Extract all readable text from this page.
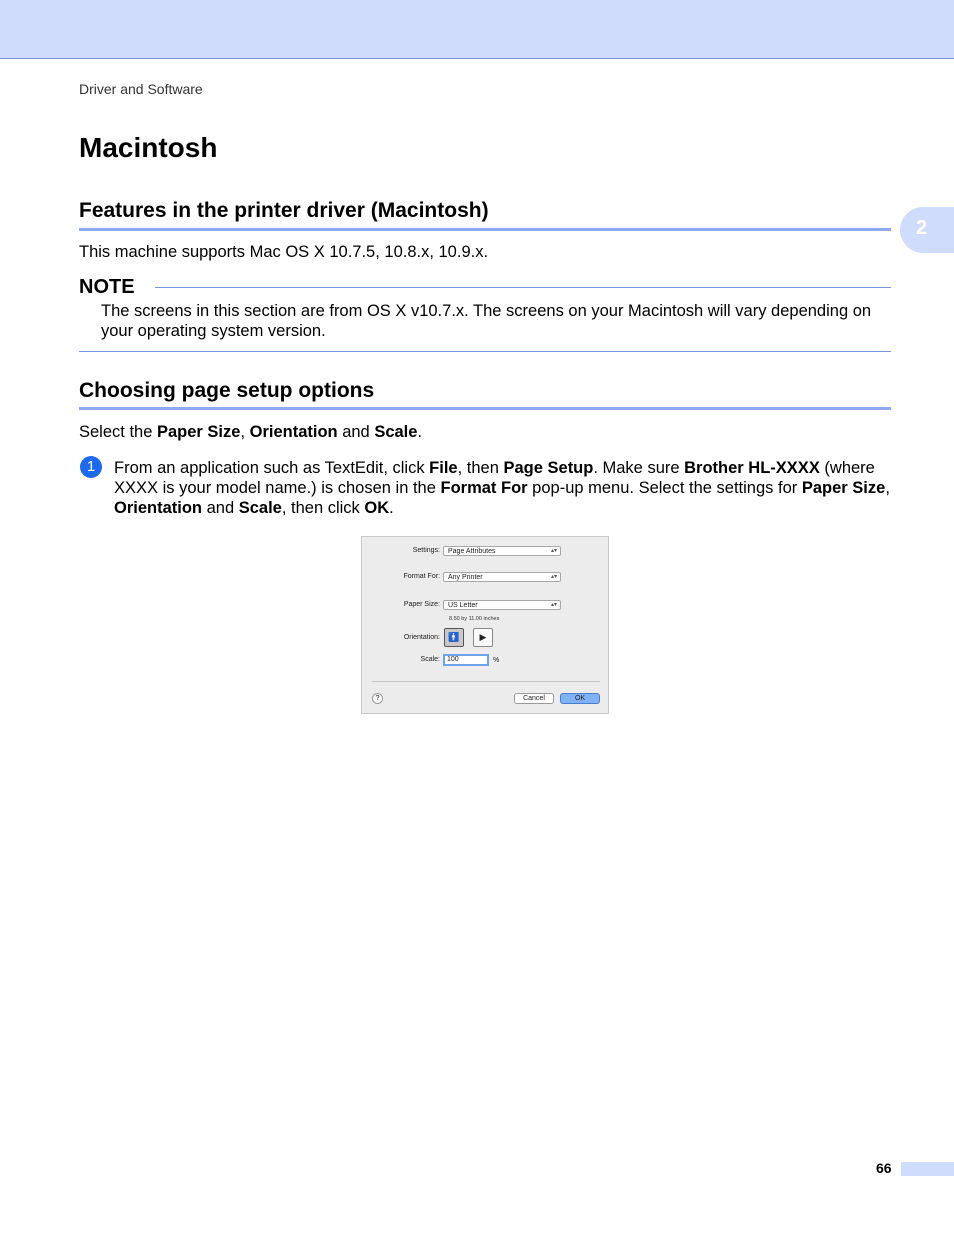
Driver and Software
2
Macintosh
Features in the printer driver (Macintosh)
This machine supports Mac OS X 10.7.5, 10.8.x, 10.9.x.
NOTE
The screens in this section are from OS X v10.7.x. The screens on your Macintosh will vary depending on your operating system version.
Choosing page setup options
Select the Paper Size, Orientation and Scale.
1	From an application such as TextEdit, click File, then Page Setup. Make sure Brother HL-XXXX (where XXXX is your model name.) is chosen in the Format For pop-up menu. Select the settings for Paper Size, Orientation and Scale, then click OK.
Settings: Page Attributes	▴▾
Format For: Any Printer	▴▾
Paper Size: US Letter	▴▾
8.50 by 11.00 inches
Orientation: 🚹	▶
Scale:	100	%
?	Cancel	OK
66
